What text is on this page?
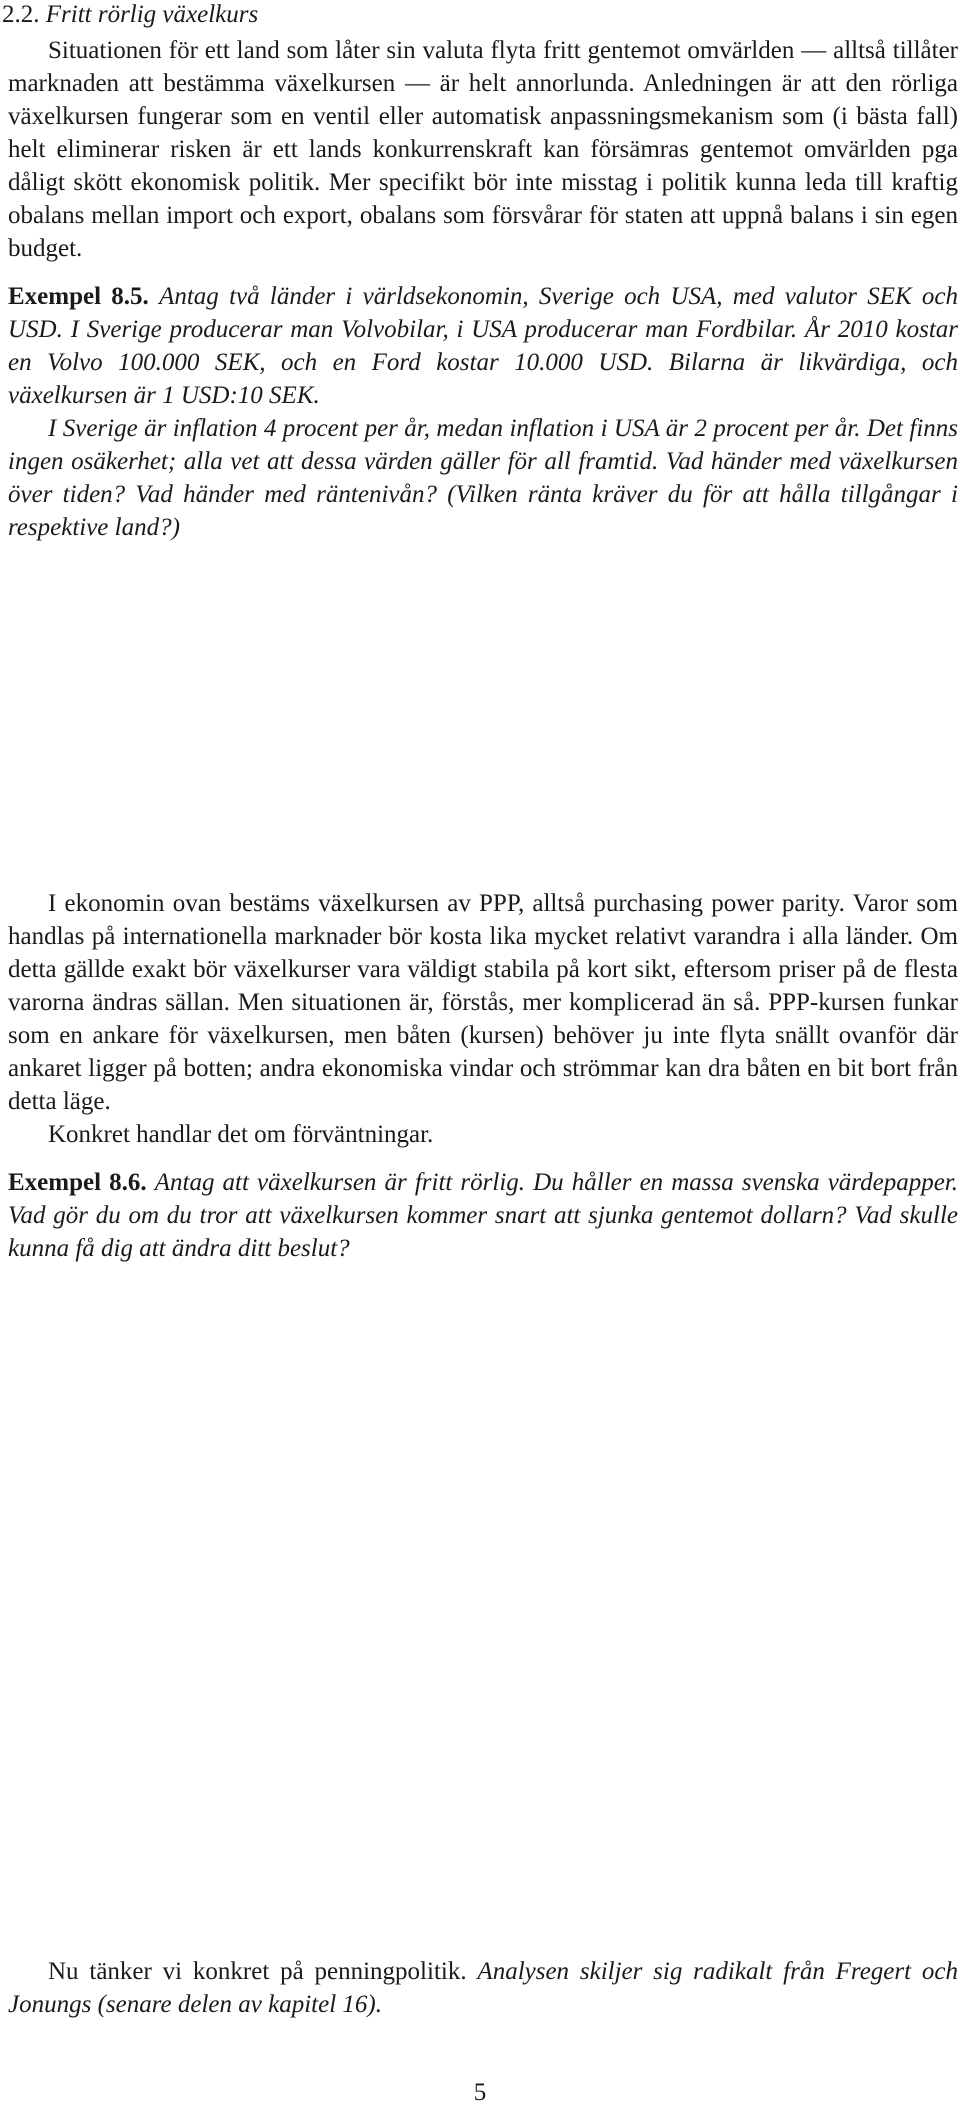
2.2. Fritt rörlig växelkurs

Situationen för ett land som låter sin valuta flyta fritt gentemot omvärlden — alltså tillåter marknaden att bestämma växelkursen — är helt annorlunda. Anledningen är att den rörliga växelkursen fungerar som en ventil eller automatisk anpassningsmekanism som (i bästa fall) helt eliminerar risken är ett lands konkurrenskraft kan försämras gentemot omvärlden pga dåligt skött ekonomisk politik. Mer specifikt bör inte misstag i politik kunna leda till kraftig obalans mellan import och export, obalans som försvårar för staten att uppnå balans i sin egen budget.

Exempel 8.5. Antag två länder i världsekonomin, Sverige och USA, med valutor SEK och USD. I Sverige producerar man Volvobilar, i USA producerar man Fordbilar. År 2010 kostar en Volvo 100.000 SEK, och en Ford kostar 10.000 USD. Bilarna är likvärdiga, och växelkursen är 1 USD:10 SEK.

I Sverige är inflation 4 procent per år, medan inflation i USA är 2 procent per år. Det finns ingen osäkerhet; alla vet att dessa värden gäller för all framtid. Vad händer med växelkursen över tiden? Vad händer med räntenivån? (Vilken ränta kräver du för att hålla tillgångar i respektive land?)

I ekonomin ovan bestäms växelkursen av PPP, alltså purchasing power parity. Varor som handlas på internationella marknader bör kosta lika mycket relativt varandra i alla länder. Om detta gällde exakt bör växelkurser vara väldigt stabila på kort sikt, eftersom priser på de flesta varorna ändras sällan. Men situationen är, förstås, mer komplicerad än så. PPP-kursen funkar som en ankare för växelkursen, men båten (kursen) behöver ju inte flyta snällt ovanför där ankaret ligger på botten; andra ekonomiska vindar och strömmar kan dra båten en bit bort från detta läge.

Konkret handlar det om förväntningar.

Exempel 8.6. Antag att växelkursen är fritt rörlig. Du håller en massa svenska värdepapper. Vad gör du om du tror att växelkursen kommer snart att sjunka gentemot dollarn? Vad skulle kunna få dig att ändra ditt beslut?

Nu tänker vi konkret på penningpolitik. Analysen skiljer sig radikalt från Fregert och Jonungs (senare delen av kapitel 16).

5
